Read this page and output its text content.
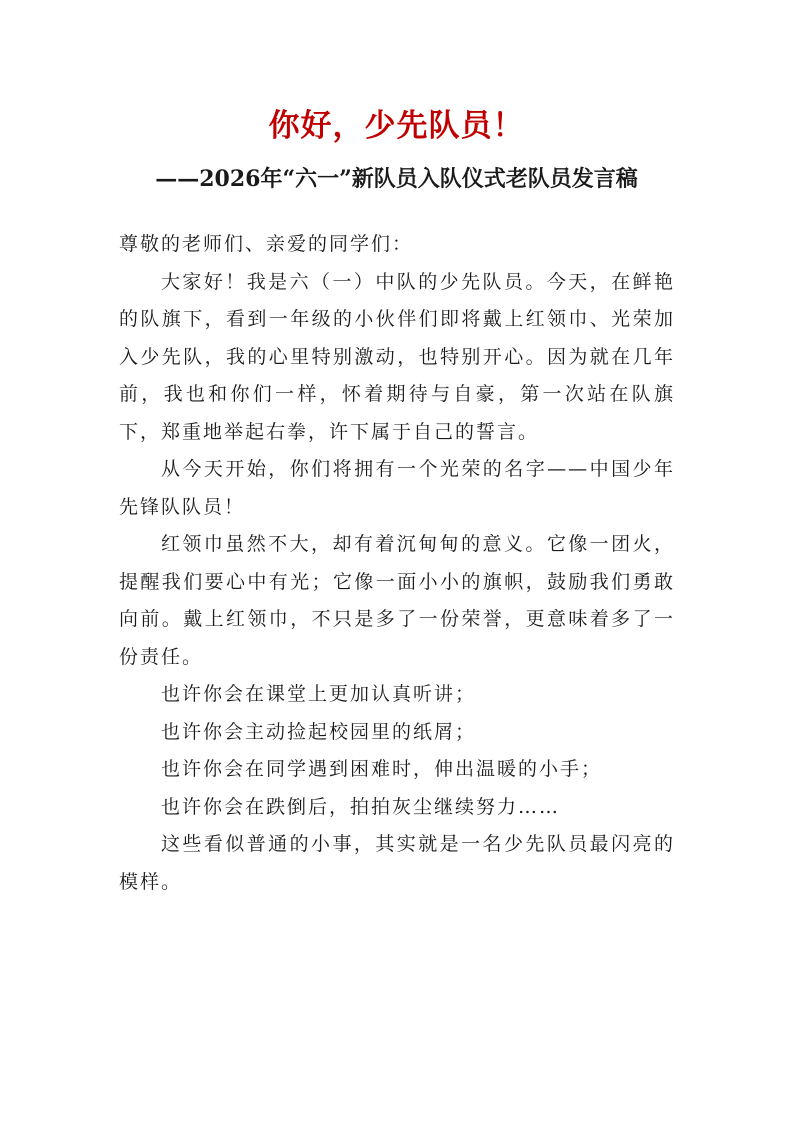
你好，少先队员！
——2026年“六一”新队员入队仪式老队员发言稿

尊敬的老师们、亲爱的同学们：

大家好！我是六（一）中队的少先队员。今天，在鲜艳的队旗下，看到一年级的小伙伴们即将戴上红领巾、光荣加入少先队，我的心里特别激动，也特别开心。因为就在几年前，我也和你们一样，怀着期待与自豪，第一次站在队旗下，郑重地举起右拳，许下属于自己的誓言。

从今天开始，你们将拥有一个光荣的名字——中国少年先锋队队员！

红领巾虽然不大，却有着沉甸甸的意义。它像一团火，提醒我们要心中有光；它像一面小小的旗帜，鼓励我们勇敢向前。戴上红领巾，不只是多了一份荣誉，更意味着多了一份责任。

也许你会在课堂上更加认真听讲；

也许你会主动捡起校园里的纸屑；

也许你会在同学遇到困难时，伸出温暖的小手；

也许你会在跌倒后，拍拍灰尘继续努力……

这些看似普通的小事，其实就是一名少先队员最闪亮的模样。
